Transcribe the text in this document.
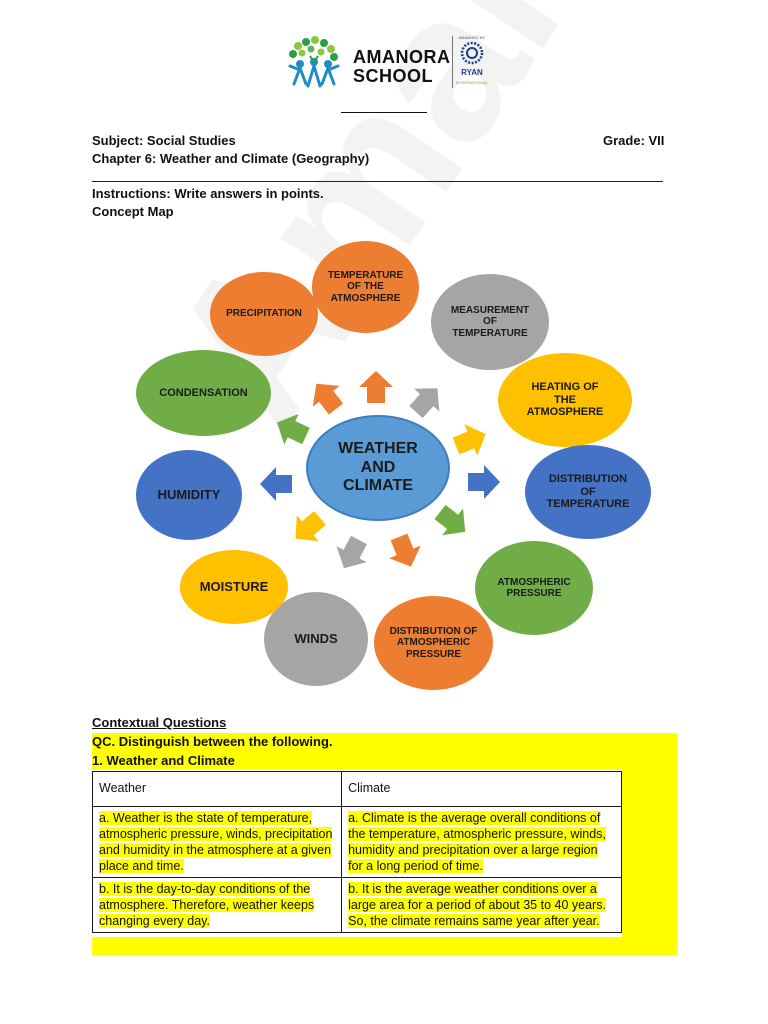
AMANORA
SCHOOL
MANAGED BY
RYAN
INTERNATIONAL
Subject: Social Studies	Grade: VII
Chapter 6: Weather and Climate (Geography)
Instructions: Write answers in points.
Concept Map
WEATHER AND CLIMATE
TEMPERATURE OF THE ATMOSPHERE
MEASUREMENT OF TEMPERATURE
HEATING OF THE ATMOSPHERE
DISTRIBUTION OF TEMPERATURE
ATMOSPHERIC PRESSURE
DISTRIBUTION OF ATMOSPHERIC PRESSURE
WINDS
MOISTURE
HUMIDITY
CONDENSATION
PRECIPITATION
Contextual Questions
QC. Distinguish between the following.
1. Weather and Climate
Weather	Climate
a. Weather is the state of temperature, atmospheric pressure, winds, precipitation and humidity in the atmosphere at a given place and time.	a. Climate is the average overall conditions of the temperature, atmospheric pressure, winds, humidity and precipitation over a large region for a long period of time.
b. It is the day-to-day conditions of the atmosphere. Therefore, weather keeps changing every day.	b. It is the average weather conditions over a large area for a period of about 35 to 40 years. So, the climate remains same year after year.
